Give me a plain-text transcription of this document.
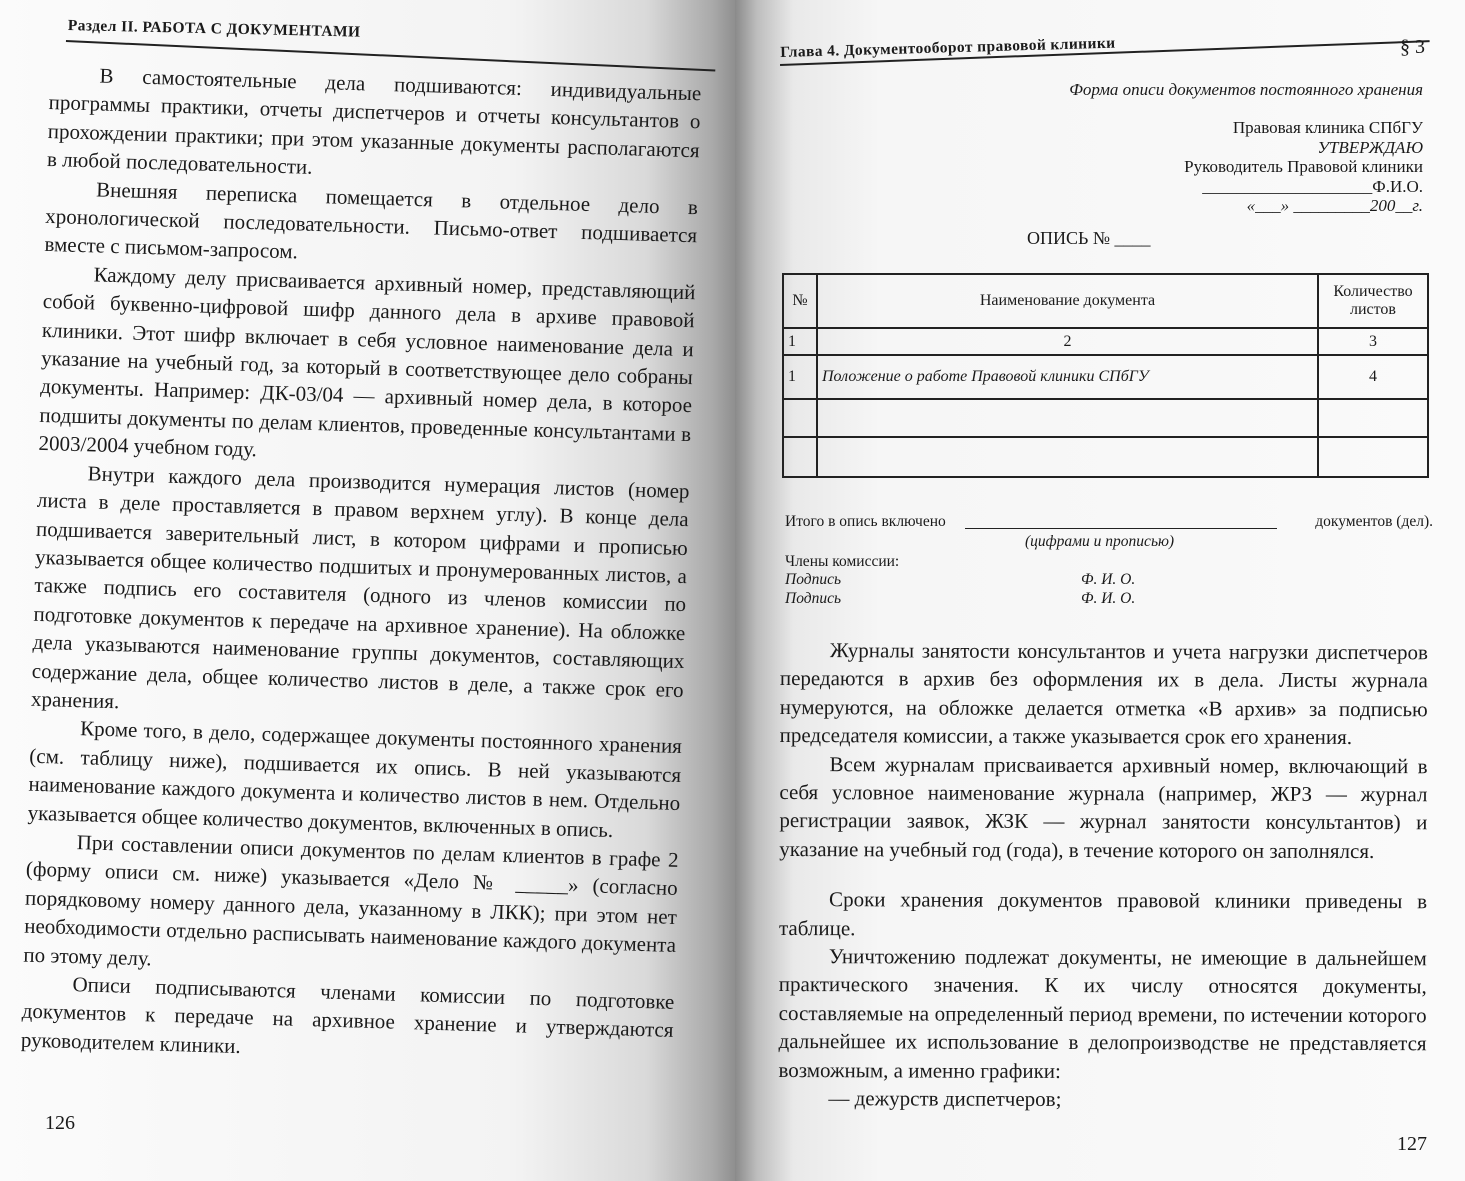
Раздел II. РАБОТА С ДОКУМЕНТАМИ

В самостоятельные дела подшиваются: индивидуальные программы практики, отчеты диспетчеров и отчеты консультантов о прохождении практики; при этом указанные документы располагаются в любой последовательности.

Внешняя переписка помещается в отдельное дело в хронологической последовательности. Письмо-ответ подшивается вместе с письмом-запросом.

Каждому делу присваивается архивный номер, представляющий собой буквенно-цифровой шифр данного дела в архиве правовой клиники. Этот шифр включает в себя условное наименование дела и указание на учебный год, за который в соответствующее дело собраны документы. Например: ДК-03/04 — архивный номер дела, в которое подшиты документы по делам клиентов, проведенные консультантами в 2003/2004 учебном году.

Внутри каждого дела производится нумерация листов (номер листа в деле проставляется в правом верхнем углу). В конце дела подшивается заверительный лист, в котором цифрами и прописью указывается общее количество подшитых и пронумерованных листов, а также подпись его составителя (одного из членов комиссии по подготовке документов к передаче на архивное хранение). На обложке дела указываются наименование группы документов, составляющих содержание дела, общее количество листов в деле, а также срок его хранения.

Кроме того, в дело, содержащее документы постоянного хранения (см. таблицу ниже), подшивается их опись. В ней указываются наименование каждого документа и количество листов в нем. Отдельно указывается общее количество документов, включенных в опись.

При составлении описи документов по делам клиентов в графе 2 (форму описи см. ниже) указывается «Дело № _____» (согласно порядковому номеру данного дела, указанному в ЛКК); при этом нет необходимости отдельно расписывать наименование каждого документа по этому делу.

Описи подписываются членами комиссии по подготовке документов к передаче на архивное хранение и утверждаются руководителем клиники.

126
Глава 4. Документооборот правовой клиники	§ 3
Форма описи документов постоянного хранения
Правовая клиника СПбГУ
УТВЕРЖДАЮ
Руководитель Правовой клиники
____________________Ф.И.О.
«___» _________200__г.
ОПИСЬ № ____
№	Наименование документа	Количество листов
1	2	3
1	Положение о работе Правовой клиники СПбГУ	4

Итого в опись включено	документов (дел).
(цифрами и прописью)
Члены комиссии:
Подпись	Ф. И. О.
Подпись	Ф. И. О.

Журналы занятости консультантов и учета нагрузки диспетчеров передаются в архив без оформления их в дела. Листы журнала нумеруются, на обложке делается отметка «В архив» за подписью председателя комиссии, а также указывается срок его хранения.

Всем журналам присваивается архивный номер, включающий в себя условное наименование журнала (например, ЖРЗ — журнал регистрации заявок, ЖЗК — журнал занятости консультантов) и указание на учебный год (года), в течение которого он заполнялся.

Сроки хранения документов правовой клиники приведены в таблице.

Уничтожению подлежат документы, не имеющие в дальнейшем практического значения. К их числу относятся документы, составляемые на определенный период времени, по истечении которого дальнейшее их использование в делопроизводстве не представляется возможным, а именно графики:

— дежурств диспетчеров;

127
